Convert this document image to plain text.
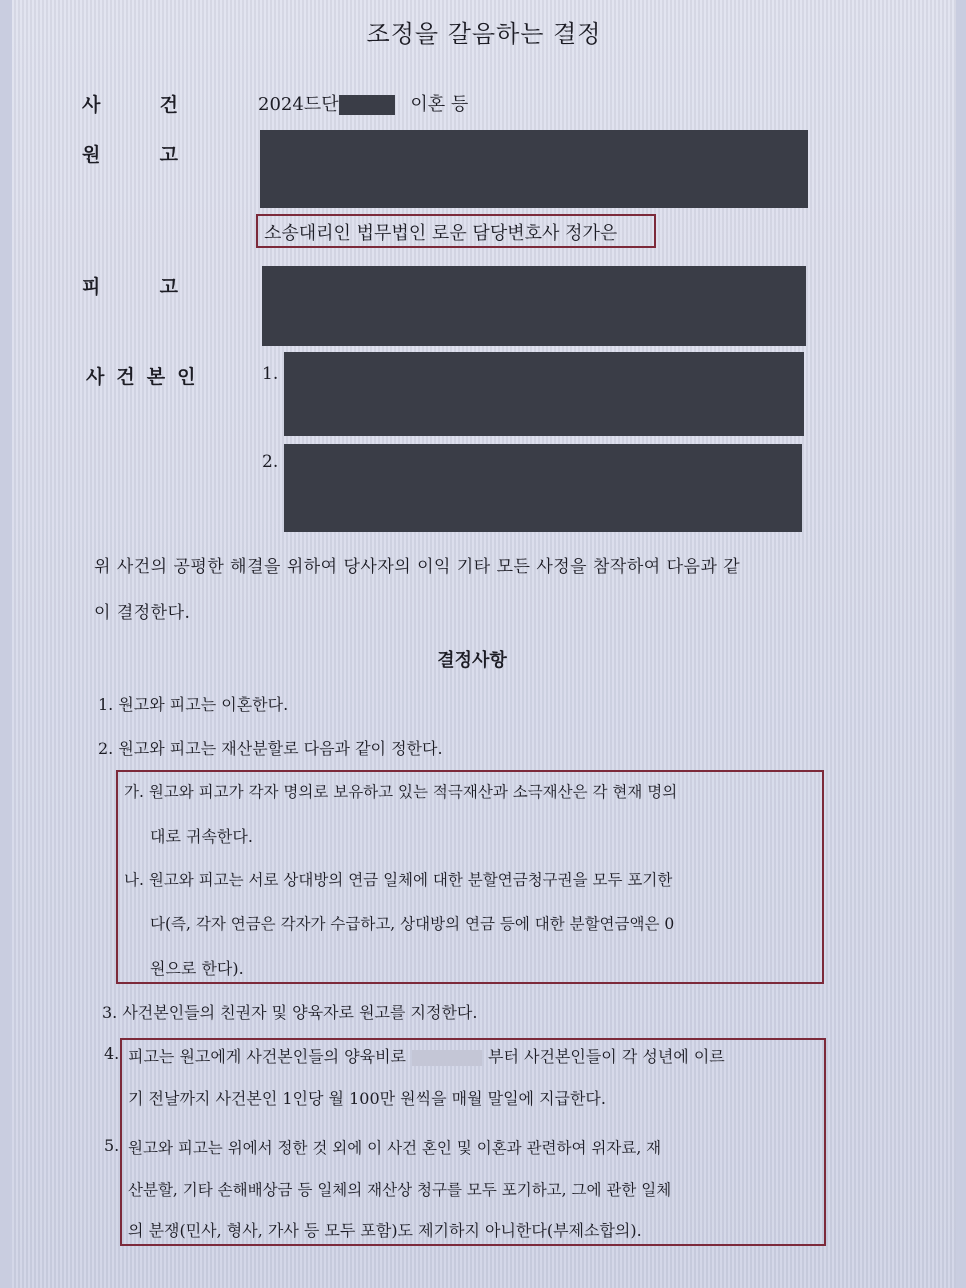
조정을 갈음하는 결정
사	건	2024드단	이혼 등
원	고
소송대리인 법무법인 로운 담당변호사 정가은
피	고
사 건 본 인	1.
2.
위 사건의 공평한 해결을 위하여 당사자의 이익 기타 모든 사정을 참작하여 다음과 같
이 결정한다.
결정사항
1. 원고와 피고는 이혼한다.
2. 원고와 피고는 재산분할로 다음과 같이 정한다.
가. 원고와 피고가 각자 명의로 보유하고 있는 적극재산과 소극재산은 각 현재 명의
대로 귀속한다.
나. 원고와 피고는 서로 상대방의 연금 일체에 대한 분할연금청구권을 모두 포기한
다(즉, 각자 연금은 각자가 수급하고, 상대방의 연금 등에 대한 분할연금액은 0
원으로 한다).
3. 사건본인들의 친권자 및 양육자로 원고를 지정한다.
4. 피고는 원고에게 사건본인들의 양육비로	부터 사건본인들이 각 성년에 이르
기 전날까지 사건본인 1인당 월 100만 원씩을 매월 말일에 지급한다.
5. 원고와 피고는 위에서 정한 것 외에 이 사건 혼인 및 이혼과 관련하여 위자료, 재
산분할, 기타 손해배상금 등 일체의 재산상 청구를 모두 포기하고, 그에 관한 일체
의 분쟁(민사, 형사, 가사 등 모두 포함)도 제기하지 아니한다(부제소합의).
